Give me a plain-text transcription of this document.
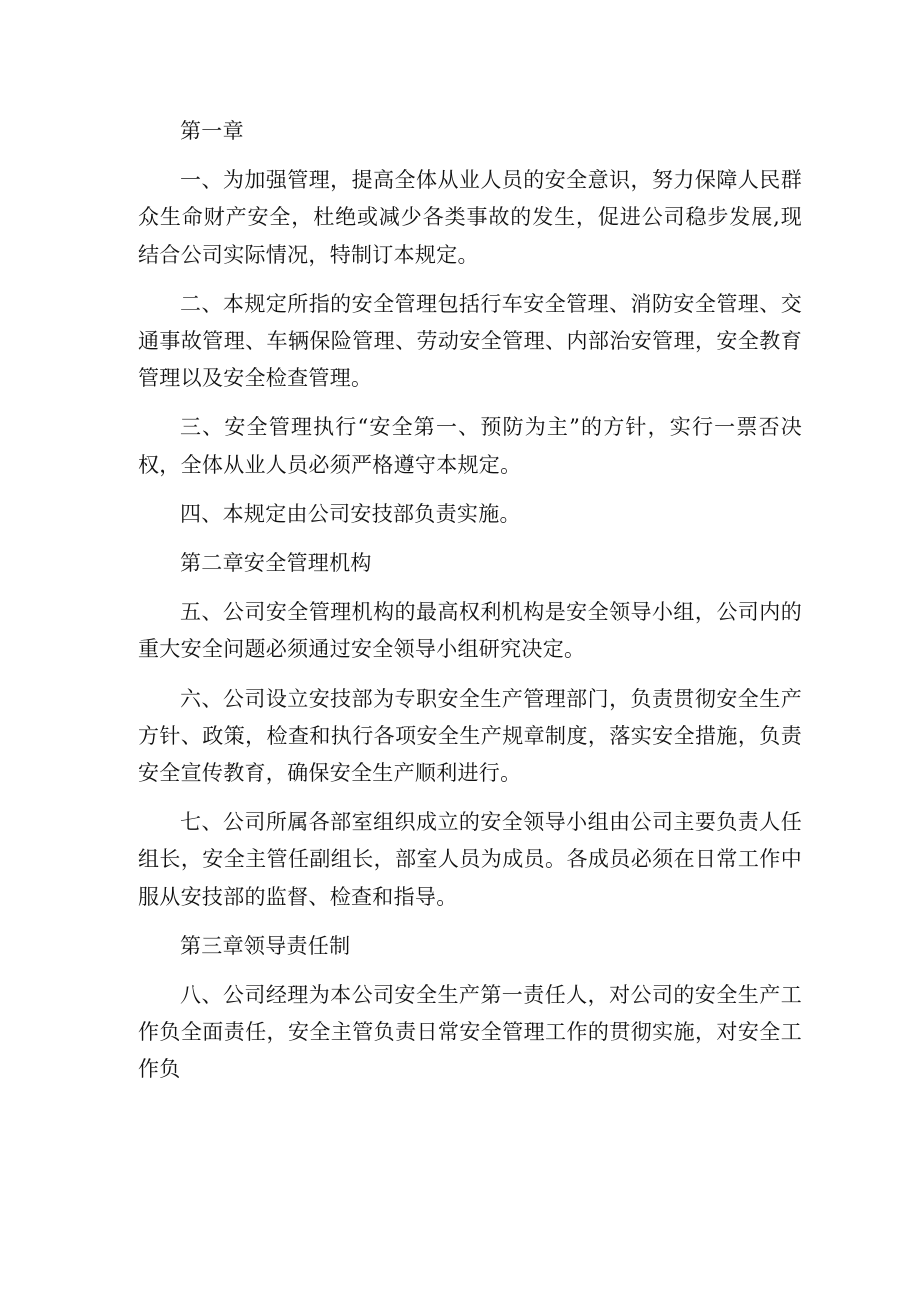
第一章

一、为加强管理，提高全体从业人员的安全意识，努力保障人民群众生命财产安全，杜绝或减少各类事故的发生，促进公司稳步发展,现结合公司实际情况，特制订本规定。

二、本规定所指的安全管理包括行车安全管理、消防安全管理、交通事故管理、车辆保险管理、劳动安全管理、内部治安管理，安全教育管理以及安全检查管理。

三、安全管理执行“安全第一、预防为主”的方针，实行一票否决权，全体从业人员必须严格遵守本规定。

四、本规定由公司安技部负责实施。

第二章安全管理机构

五、公司安全管理机构的最高权利机构是安全领导小组，公司内的重大安全问题必须通过安全领导小组研究决定。

六、公司设立安技部为专职安全生产管理部门，负责贯彻安全生产方针、政策，检查和执行各项安全生产规章制度，落实安全措施，负责安全宣传教育，确保安全生产顺利进行。

七、公司所属各部室组织成立的安全领导小组由公司主要负责人任组长，安全主管任副组长，部室人员为成员。各成员必须在日常工作中服从安技部的监督、检查和指导。

第三章领导责任制

八、公司经理为本公司安全生产第一责任人，对公司的安全生产工作负全面责任，安全主管负责日常安全管理工作的贯彻实施，对安全工作负
